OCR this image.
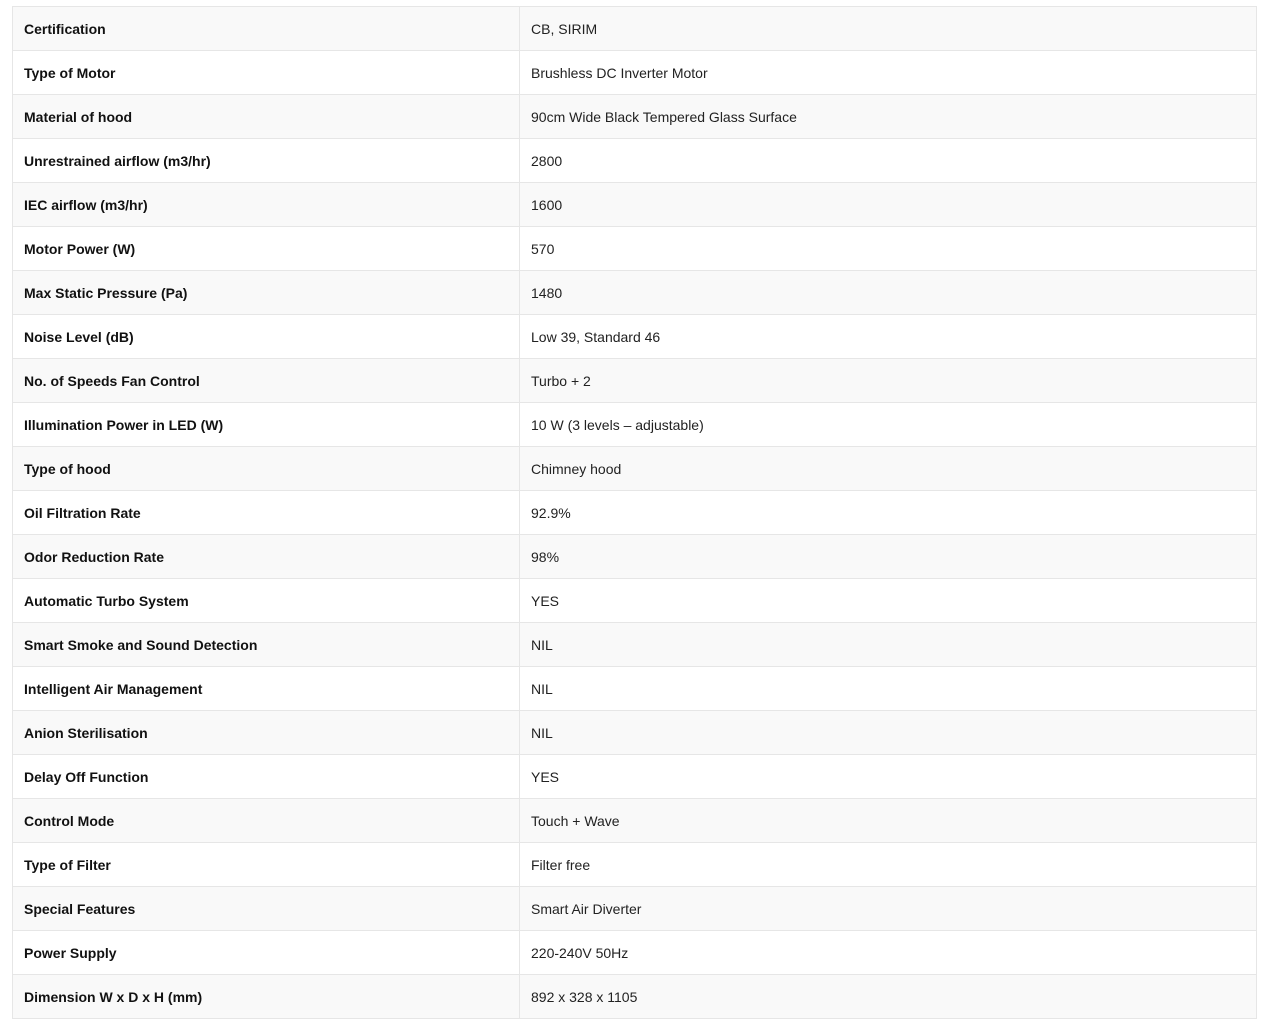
Certification	CB, SIRIM
Type of Motor	Brushless DC Inverter Motor
Material of hood	90cm Wide Black Tempered Glass Surface
Unrestrained airflow (m3/hr)	2800
IEC airflow (m3/hr)	1600
Motor Power (W)	570
Max Static Pressure (Pa)	1480
Noise Level (dB)	Low 39, Standard 46
No. of Speeds Fan Control	Turbo + 2
Illumination Power in LED (W)	10 W (3 levels – adjustable)
Type of hood	Chimney hood
Oil Filtration Rate	92.9%
Odor Reduction Rate	98%
Automatic Turbo System	YES
Smart Smoke and Sound Detection	NIL
Intelligent Air Management	NIL
Anion Sterilisation	NIL
Delay Off Function	YES
Control Mode	Touch + Wave
Type of Filter	Filter free
Special Features	Smart Air Diverter
Power Supply	220-240V 50Hz
Dimension W x D x H (mm)	892 x 328 x 1105
